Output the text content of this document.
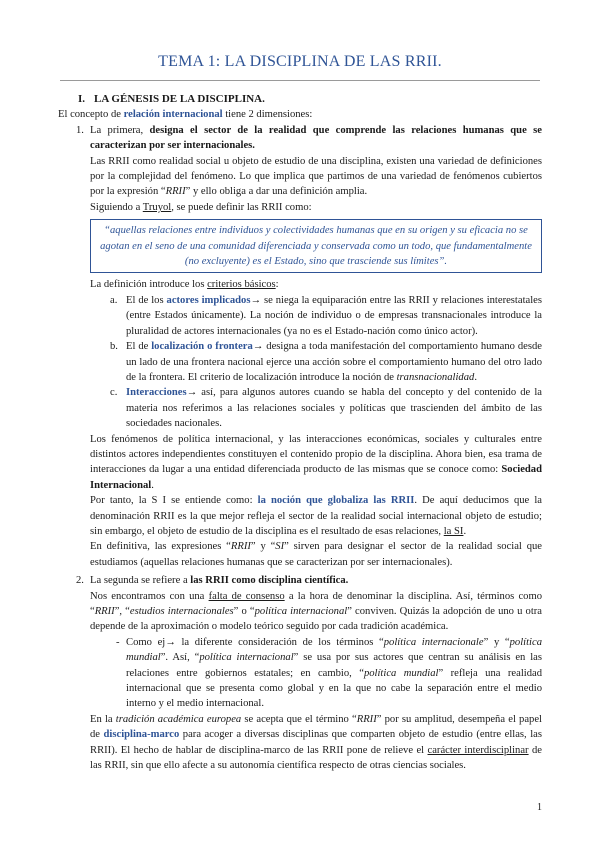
TEMA 1: LA DISCIPLINA DE LAS RRII.
I. LA GÉNESIS DE LA DISCIPLINA.

El concepto de relación internacional tiene 2 dimensiones:

1. La primera, designa el sector de la realidad que comprende las relaciones humanas que se caracterizan por ser internacionales.

Las RRII como realidad social u objeto de estudio de una disciplina, existen una variedad de definiciones por la complejidad del fenómeno. Lo que implica que partimos de una variedad de fenómenos cubiertos por la expresión “RRII” y ello obliga a dar una definición amplia.

Siguiendo a Truyol, se puede definir las RRII como:

“aquellas relaciones entre individuos y colectividades humanas que en su origen y su eficacia no se agotan en el seno de una comunidad diferenciada y conservada como un todo, que fundamentalmente (no excluyente) es el Estado, sino que trasciende sus límites”.

La definición introduce los criterios básicos:

a. El de los actores implicados→ se niega la equiparación entre las RRII y relaciones interestatales (entre Estados únicamente). La noción de individuo o de empresas transnacionales introduce la pluralidad de actores internacionales (ya no es el Estado-nación como único actor).

b. El de localización o frontera→ designa a toda manifestación del comportamiento humano desde un lado de una frontera nacional ejerce una acción sobre el comportamiento humano del otro lado de la frontera. El criterio de localización introduce la noción de transnacionalidad.

c. Interacciones→ así, para algunos autores cuando se habla del concepto y del contenido de la materia nos referimos a las relaciones sociales y políticas que trascienden del ámbito de las sociedades nacionales.

Los fenómenos de política internacional, y las interacciones económicas, sociales y culturales entre distintos actores independientes constituyen el contenido propio de la disciplina. Ahora bien, esa trama de interacciones da lugar a una entidad diferenciada producto de las mismas que se conoce como: Sociedad Internacional.

Por tanto, la S I se entiende como: la noción que globaliza las RRII. De aquí deducimos que la denominación RRII es la que mejor refleja el sector de la realidad social internacional objeto de estudio; sin embargo, el objeto de estudio de la disciplina es el resultado de esas relaciones, la SI.

En definitiva, las expresiones “RRII” y “SI” sirven para designar el sector de la realidad social que estudiamos (aquellas relaciones humanas que se caracterizan por ser internacionales).

2. La segunda se refiere a las RRII como disciplina científica.

Nos encontramos con una falta de consenso a la hora de denominar la disciplina. Así, términos como “RRII”, “estudios internacionales” o “política internacional” conviven. Quizás la adopción de uno u otra depende de la aproximación o modelo teórico seguido por cada tradición académica.

- Como ej→ la diferente consideración de los términos “política internacionale” y “política mundial”. Así, “política internacional” se usa por sus actores que centran su análisis en las relaciones entre gobiernos estatales; en cambio, “política mundial” refleja una realidad internacional que se presenta como global y en la que no cabe la separación entre el medio interno y el medio internacional.

En la tradición académica europea se acepta que el término “RRII” por su amplitud, desempeña el papel de disciplina-marco para acoger a diversas disciplinas que comparten objeto de estudio (entre ellas, las RRII). El hecho de hablar de disciplina-marco de las RRII pone de relieve el carácter interdisciplinar de las RRII, sin que ello afecte a su autonomía científica respecto de otras ciencias sociales.

1
